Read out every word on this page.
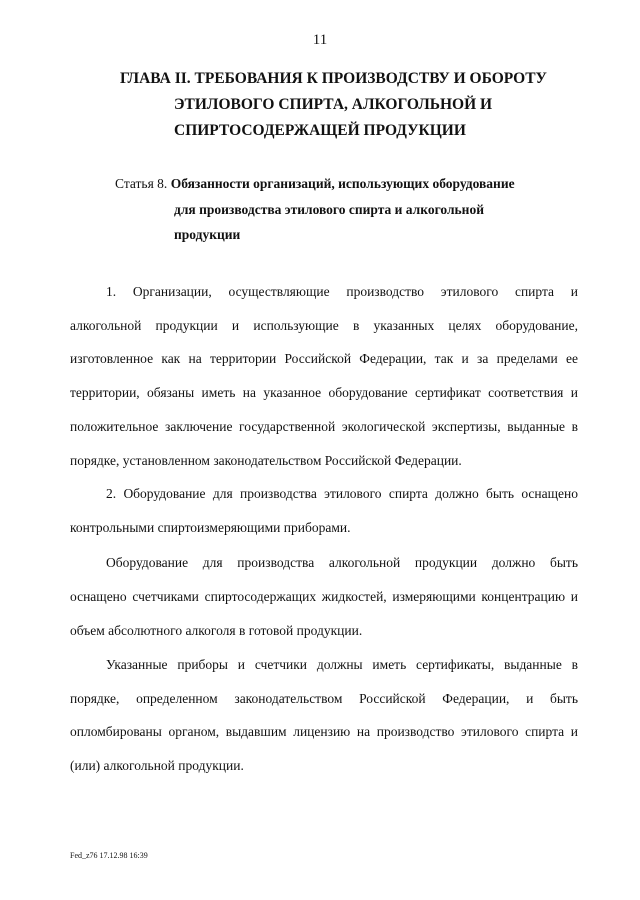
11
ГЛАВА II. ТРЕБОВАНИЯ К ПРОИЗВОДСТВУ И ОБОРОТУ
ЭТИЛОВОГО СПИРТА, АЛКОГОЛЬНОЙ И
СПИРТОСОДЕРЖАЩЕЙ ПРОДУКЦИИ
Статья 8. Обязанности организаций, использующих оборудование
для производства этилового спирта и алкогольной
продукции
1. Организации, осуществляющие производство этилового спирта и
алкогольной продукции и использующие в указанных целях оборудование,
изготовленное как на территории Российской Федерации, так и за пределами ее
территории, обязаны иметь на указанное оборудование сертификат соответствия и
положительное заключение государственной экологической экспертизы, выданные в
порядке, установленном законодательством Российской Федерации.
2. Оборудование для производства этилового спирта должно быть оснащено
контрольными спиртоизмеряющими приборами.
Оборудование для производства алкогольной продукции должно быть
оснащено счетчиками спиртосодержащих жидкостей, измеряющими концентрацию и
объем абсолютного алкоголя в готовой продукции.
Указанные приборы и счетчики должны иметь сертификаты, выданные в
порядке, определенном законодательством Российской Федерации, и быть
опломбированы органом, выдавшим лицензию на производство этилового спирта и
(или) алкогольной продукции.
Fed_z76 17.12.98 16:39
